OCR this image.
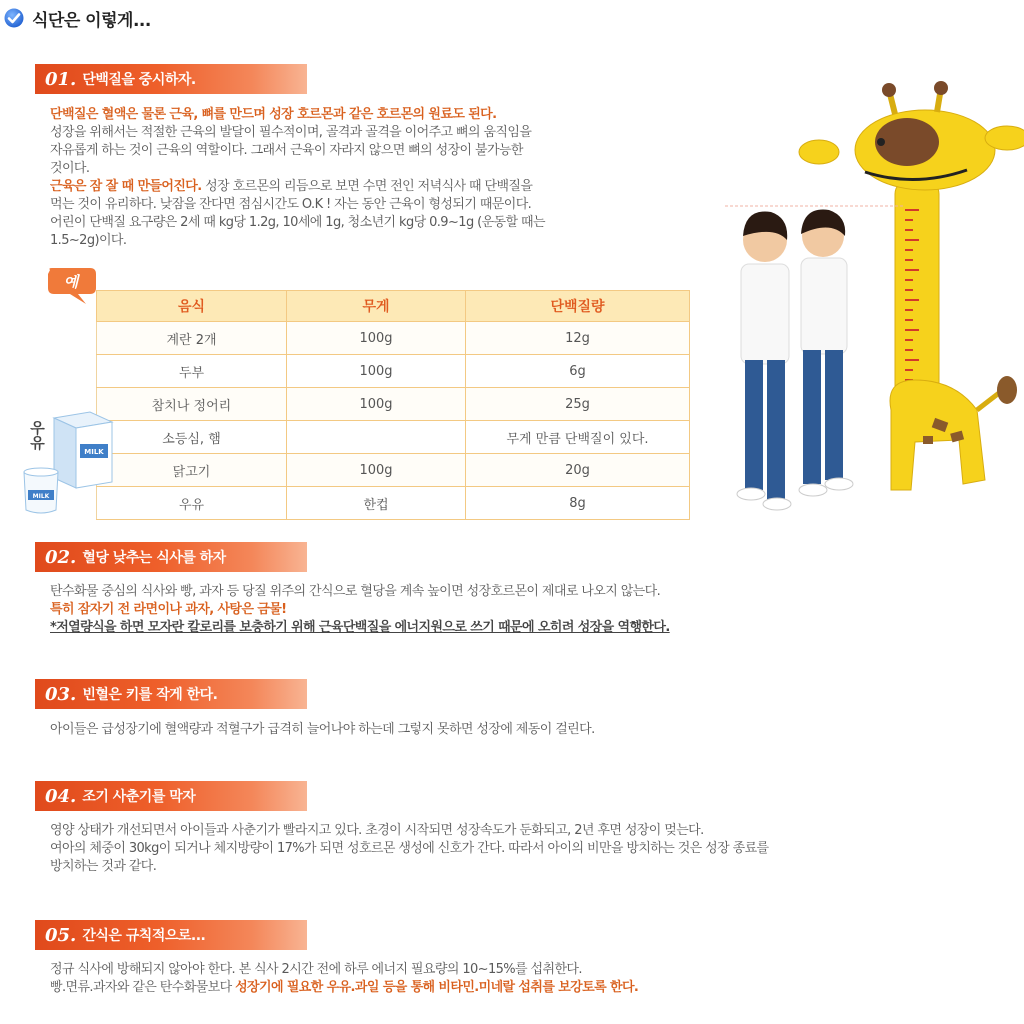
식단은 이렇게...
01. 단백질을 중시하자.
단백질은 혈액은 물론 근육, 뼈를 만드며 성장 호르몬과 같은 호르몬의 원료도 된다.
성장을 위해서는 적절한 근육의 발달이 필수적이며, 골격과 골격을 이어주고 뼈의 움직임을
자유롭게 하는 것이 근육의 역할이다. 그래서 근육이 자라지 않으면 뼈의 성장이 불가능한
것이다.
근육은 잠 잘 때 만들어진다. 성장 호르몬의 리듬으로 보면 수면 전인 저녁식사 때 단백질을
먹는 것이 유리하다. 낮잠을 잔다면 점심시간도 O.K ! 자는 동안 근육이 형성되기 때문이다.
어린이 단백질 요구량은 2세 때 kg당 1.2g, 10세에 1g, 청소년기 kg당 0.9~1g (운동할 때는
1.5~2g)이다.
예
음식	무게	단백질량
계란 2개	100g	12g
두부	100g	6g
참치나 정어리	100g	25g
소등심, 햄		무게 만큼 단백질이 있다.
닭고기	100g	20g
우유	한컵	8g
MILK
MILK
우유
02. 혈당 낮추는 식사를 하자
탄수화물 중심의 식사와 빵, 과자 등 당질 위주의 간식으로 혈당을 계속 높이면 성장호르몬이 제대로 나오지 않는다.
특히 잠자기 전 라면이나 과자, 사탕은 금물!
*저열량식을 하면 모자란 칼로리를 보충하기 위해 근육단백질을 에너지원으로 쓰기 때문에 오히려 성장을 역행한다.
03. 빈혈은 키를 작게 한다.
아이들은 급성장기에 혈액량과 적혈구가 급격히 늘어나야 하는데 그렇지 못하면 성장에 제동이 걸린다.
04. 조기 사춘기를 막자
영양 상태가 개선되면서 아이들과 사춘기가 빨라지고 있다. 초경이 시작되면 성장속도가 둔화되고, 2년 후면 성장이 멎는다.
여아의 체중이 30kg이 되거나 체지방량이 17%가 되면 성호르몬 생성에 신호가 간다. 따라서 아이의 비만을 방치하는 것은 성장 종료를
방치하는 것과 같다.
05. 간식은 규칙적으로...
정규 식사에 방해되지 않아야 한다. 본 식사 2시간 전에 하루 에너지 필요량의 10~15%를 섭취한다.
빵.면류.과자와 같은 탄수화물보다 성장기에 필요한 우유.과일 등을 통해 비타민.미네랄 섭취를 보강토록 한다.
